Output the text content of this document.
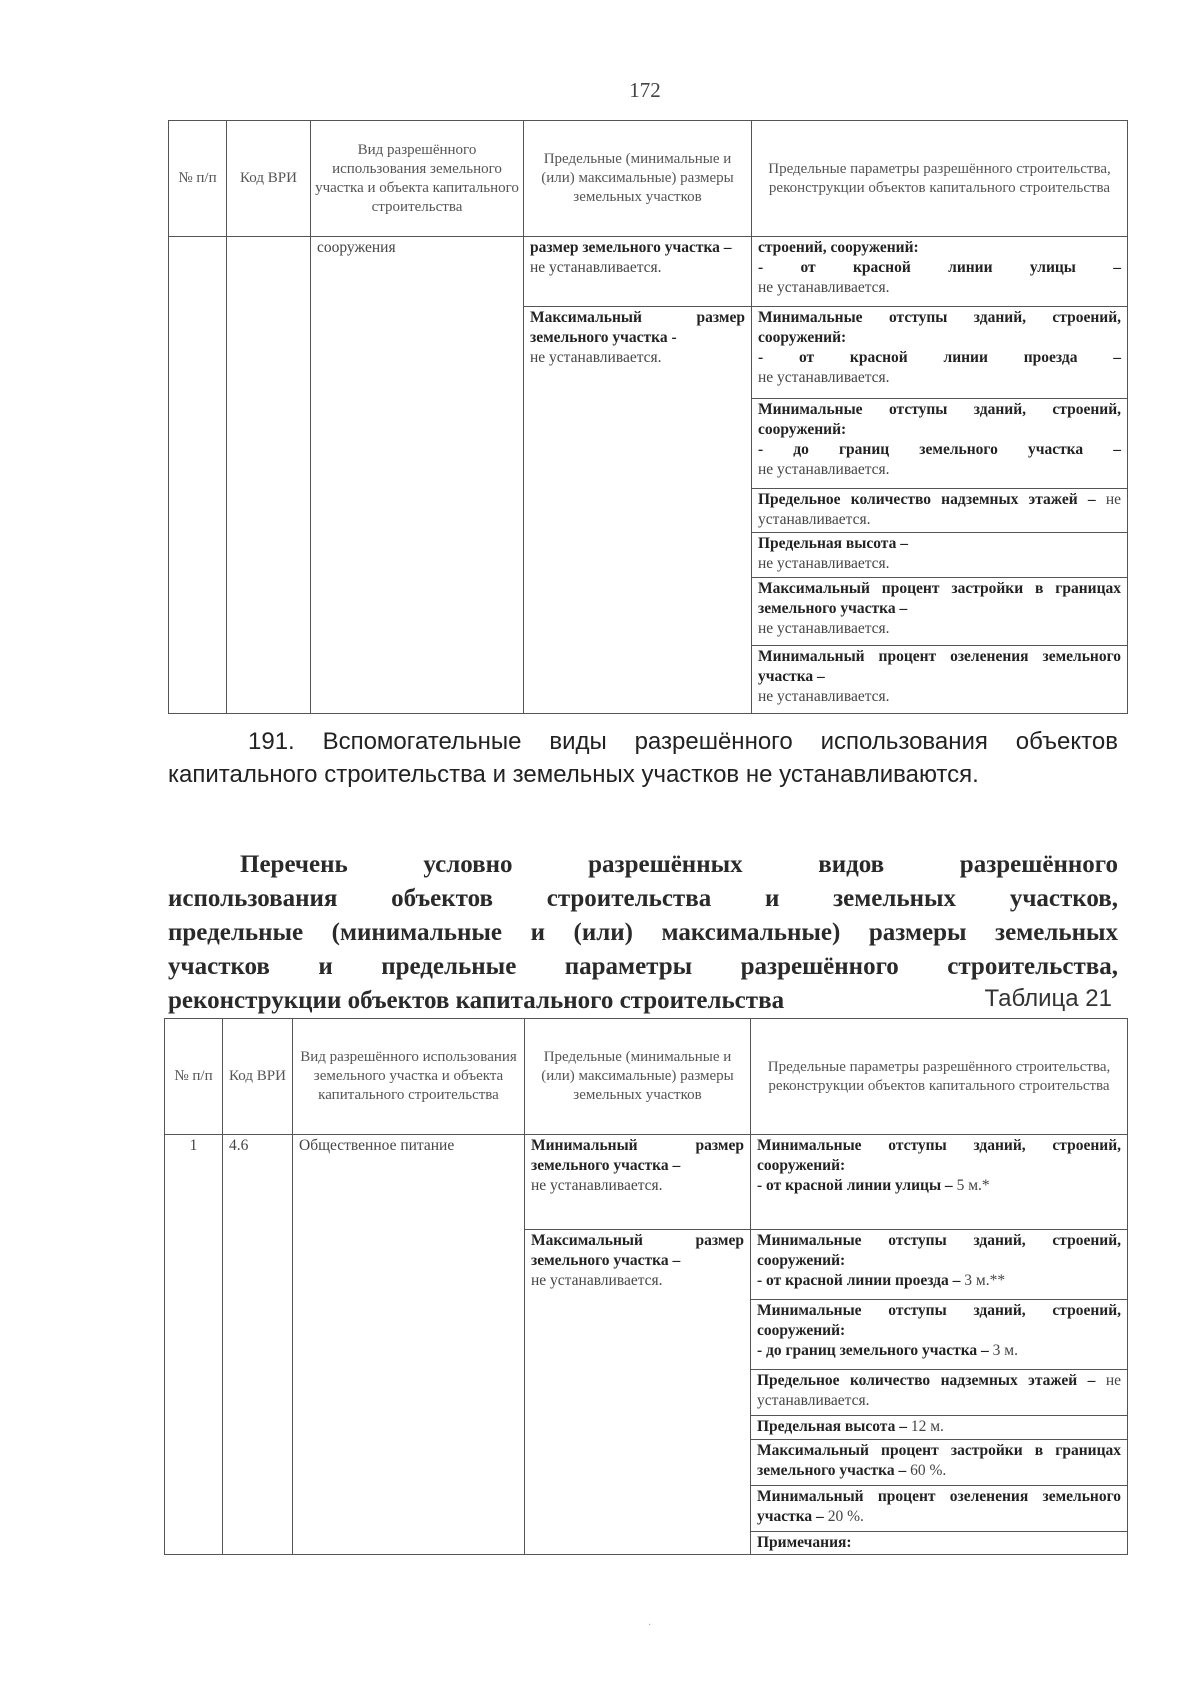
172
№ п/п	Код ВРИ	Вид разрешённого использования земельного участка и объекта капитального строительства	Предельные (минимальные и (или) максимальные) размеры земельных участков	Предельные параметры разрешённого строительства, реконструкции объектов капитального строительства
		сооружения	размер земельного участка –
не устанавливается.	строений, сооружений:
- от красной линии улицы –
не устанавливается.
			Максимальный размер земельного участка -
не устанавливается.	Минимальные отступы зданий, строений, сооружений:
- от красной линии проезда –
не устанавливается.
				Минимальные отступы зданий, строений, сооружений:
- до границ земельного участка –
не устанавливается.
				Предельное количество надземных этажей – не устанавливается.
				Предельная высота –
не устанавливается.
				Максимальный процент застройки в границах земельного участка –
не устанавливается.
				Минимальный процент озеленения земельного участка –
не устанавливается.
191. Вспомогательные виды разрешённого использования объектов
капитального строительства и земельных участков не устанавливаются.
Перечень условно разрешённых видов разрешённого
использования объектов строительства и земельных участков,
предельные (минимальные и (или) максимальные) размеры земельных
участков и предельные параметры разрешённого строительства,
реконструкции объектов капитального строительства	Таблица 21
№ п/п	Код ВРИ	Вид разрешённого использования земельного участка и объекта капитального строительства	Предельные (минимальные и (или) максимальные) размеры земельных участков	Предельные параметры разрешённого строительства, реконструкции объектов капитального строительства
1	4.6	Общественное питание	Минимальный размер земельного участка –
не устанавливается.	Минимальные отступы зданий, строений, сооружений:
- от красной линии улицы – 5 м.*
			Максимальный размер земельного участка –
не устанавливается.	Минимальные отступы зданий, строений, сооружений:
- от красной линии проезда – 3 м.**
				Минимальные отступы зданий, строений, сооружений:
- до границ земельного участка – 3 м.
				Предельное количество надземных этажей – не устанавливается.
				Предельная высота – 12 м.
				Максимальный процент застройки в границах земельного участка – 60 %.
				Минимальный процент озеленения земельного участка – 20 %.
				Примечания:
·
